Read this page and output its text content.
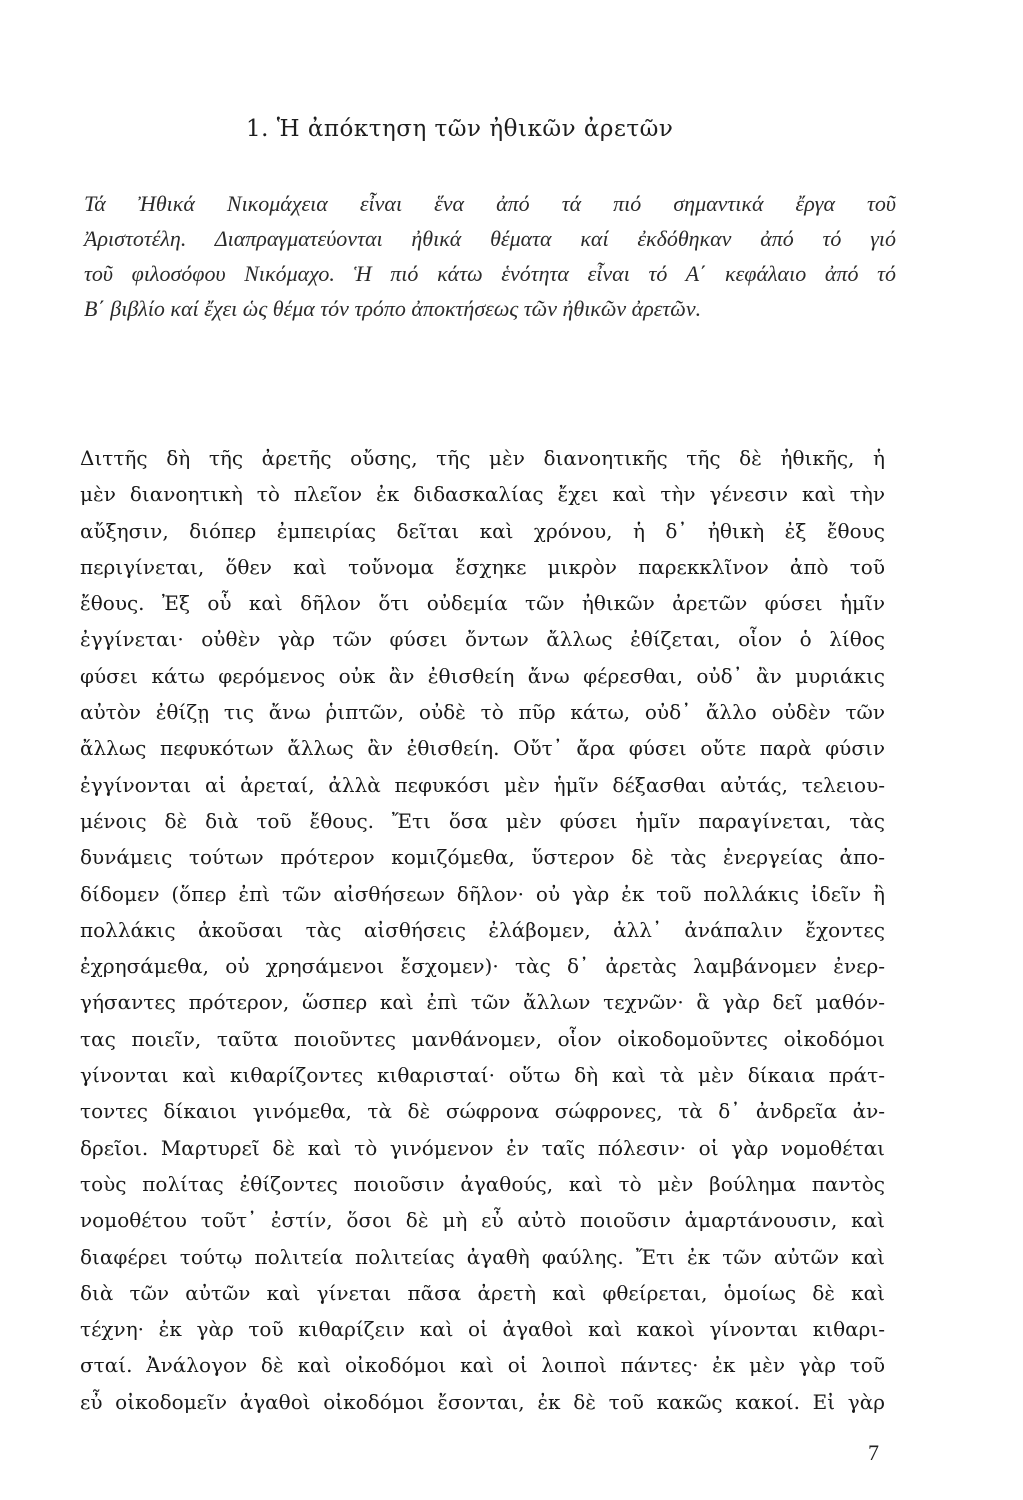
1. Ἡ ἀπόκτηση τῶν ἠθικῶν ἀρετῶν
Τά Ἠθικά Νικομάχεια εἶναι ἕνα ἀπό τά πιό σημαντικά ἔργα τοῦ
Ἀριστοτέλη. Διαπραγματεύονται ἠθικά θέματα καί ἐκδόθηκαν ἀπό τό γιό
τοῦ φιλοσόφου Νικόμαχο. Ἡ πιό κάτω ἑνότητα εἶναι τό Α΄ κεφάλαιο ἀπό τό
Β΄ βιβλίο καί ἔχει ὡς θέμα τόν τρόπο ἀποκτήσεως τῶν ἠθικῶν ἀρετῶν.
Διττῆς δὴ τῆς ἀρετῆς οὔσης, τῆς μὲν διανοητικῆς τῆς δὲ ἠθικῆς, ἡ
μὲν διανοητικὴ τὸ πλεῖον ἐκ διδασκαλίας ἔχει καὶ τὴν γένεσιν καὶ τὴν
αὔξησιν, διόπερ ἐμπειρίας δεῖται καὶ χρόνου, ἡ δ᾽ ἠθικὴ ἐξ ἔθους
περιγίνεται, ὅθεν καὶ τοὔνομα ἔσχηκε μικρὸν παρεκκλῖνον ἀπὸ τοῦ
ἔθους. Ἐξ οὗ καὶ δῆλον ὅτι οὐδεμία τῶν ἠθικῶν ἀρετῶν φύσει ἡμῖν
ἐγγίνεται· οὐθὲν γὰρ τῶν φύσει ὄντων ἄλλως ἐθίζεται, οἷον ὁ λίθος
φύσει κάτω φερόμενος οὐκ ἂν ἐθισθείη ἄνω φέρεσθαι, οὐδ᾽ ἂν μυριάκις
αὐτὸν ἐθίζῃ τις ἄνω ῥιπτῶν, οὐδὲ τὸ πῦρ κάτω, οὐδ᾽ ἄλλο οὐδὲν τῶν
ἄλλως πεφυκότων ἄλλως ἂν ἐθισθείη. Οὔτ᾽ ἄρα φύσει οὔτε παρὰ φύσιν
ἐγγίνονται αἱ ἀρεταί, ἀλλὰ πεφυκόσι μὲν ἡμῖν δέξασθαι αὐτάς, τελειου-
μένοις δὲ διὰ τοῦ ἔθους. Ἔτι ὅσα μὲν φύσει ἡμῖν παραγίνεται, τὰς
δυνάμεις τούτων πρότερον κομιζόμεθα, ὕστερον δὲ τὰς ἐνεργείας ἀπο-
δίδομεν (ὅπερ ἐπὶ τῶν αἰσθήσεων δῆλον· οὐ γὰρ ἐκ τοῦ πολλάκις ἰδεῖν ἢ
πολλάκις ἀκοῦσαι τὰς αἰσθήσεις ἐλάβομεν, ἀλλ᾽ ἀνάπαλιν ἔχοντες
ἐχρησάμεθα, οὐ χρησάμενοι ἔσχομεν)· τὰς δ᾽ ἀρετὰς λαμβάνομεν ἐνερ-
γήσαντες πρότερον, ὥσπερ καὶ ἐπὶ τῶν ἄλλων τεχνῶν· ἃ γὰρ δεῖ μαθόν-
τας ποιεῖν, ταῦτα ποιοῦντες μανθάνομεν, οἷον οἰκοδομοῦντες οἰκοδόμοι
γίνονται καὶ κιθαρίζοντες κιθαρισταί· οὕτω δὴ καὶ τὰ μὲν δίκαια πράτ-
τοντες δίκαιοι γινόμεθα, τὰ δὲ σώφρονα σώφρονες, τὰ δ᾽ ἀνδρεῖα ἀν-
δρεῖοι. Μαρτυρεῖ δὲ καὶ τὸ γινόμενον ἐν ταῖς πόλεσιν· οἱ γὰρ νομοθέται
τοὺς πολίτας ἐθίζοντες ποιοῦσιν ἀγαθούς, καὶ τὸ μὲν βούλημα παντὸς
νομοθέτου τοῦτ᾽ ἐστίν, ὅσοι δὲ μὴ εὖ αὐτὸ ποιοῦσιν ἁμαρτάνουσιν, καὶ
διαφέρει τούτῳ πολιτεία πολιτείας ἀγαθὴ φαύλης. Ἔτι ἐκ τῶν αὐτῶν καὶ
διὰ τῶν αὐτῶν καὶ γίνεται πᾶσα ἀρετὴ καὶ φθείρεται, ὁμοίως δὲ καὶ
τέχνη· ἐκ γὰρ τοῦ κιθαρίζειν καὶ οἱ ἀγαθοὶ καὶ κακοὶ γίνονται κιθαρι-
σταί. Ἀνάλογον δὲ καὶ οἰκοδόμοι καὶ οἱ λοιποὶ πάντες· ἐκ μὲν γὰρ τοῦ
εὖ οἰκοδομεῖν ἀγαθοὶ οἰκοδόμοι ἔσονται, ἐκ δὲ τοῦ κακῶς κακοί. Εἰ γὰρ
7
